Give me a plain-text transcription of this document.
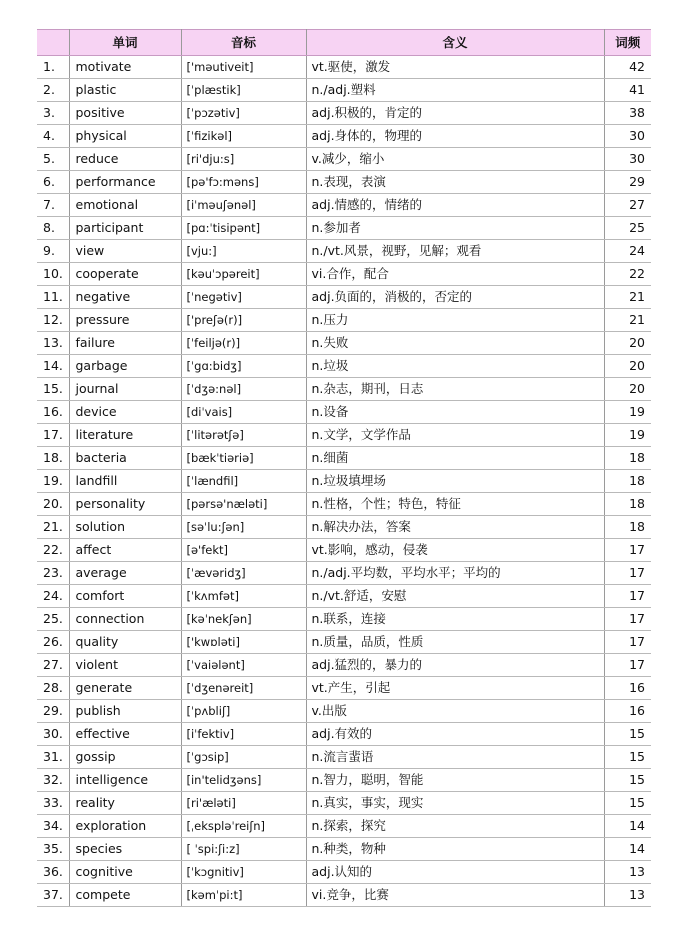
	单词	音标	含义	词频
1.	motivate	['məutiveit]	vt.驱使，激发	42
2.	plastic	[ˈplæstik]	n./adj.塑料	41
3.	positive	[ˈpɔzətiv]	adj.积极的，肯定的	38
4.	physical	[ˈfizikəl]	adj.身体的，物理的	30
5.	reduce	[ri'dju:s]	v.减少，缩小	30
6.	performance	[pə'fɔ:məns]	n.表现，表演	29
7.	emotional	[iˈməuʃənəl]	adj.情感的，情绪的	27
8.	participant	[pɑ:ˈtisipənt]	n.参加者	25
9.	view	[vju:]	n./vt.风景，视野，见解；观看	24
10.	cooperate	[kəuˈɔpəreit]	vi.合作，配合	22
11.	negative	[ˈnegətiv]	adj.负面的，消极的，否定的	21
12.	pressure	['preʃə(r)]	n.压力	21
13.	failure	[ˈfeiljə(r)]	n.失败	20
14.	garbage	[ˈgɑ:bidʒ]	n.垃圾	20
15.	journal	[ˈdʒə:nəl]	n.杂志，期刊，日志	20
16.	device	[diˈvais]	n.设备	19
17.	literature	[ˈlitərətʃə]	n.文学，文学作品	19
18.	bacteria	[bækˈtiəriə]	n.细菌	18
19.	landfill	[ˈlændfil]	n.垃圾填埋场	18
20.	personality	[pərsə'næləti]	n.性格，个性；特色，特征	18
21.	solution	[səˈlu:ʃən]	n.解决办法，答案	18
22.	affect	[ə'fekt]	vt.影响，感动，侵袭	17
23.	average	[ˈævəridʒ]	n./adj.平均数，平均水平；平均的	17
24.	comfort	[ˈkʌmfət]	n./vt.舒适，安慰	17
25.	connection	[kəˈnekʃən]	n.联系，连接	17
26.	quality	['kwɒləti]	n.质量，品质，性质	17
27.	violent	[ˈvaiələnt]	adj.猛烈的，暴力的	17
28.	generate	[ˈdʒenəreit]	vt.产生，引起	16
29.	publish	[ˈpʌbliʃ]	v.出版	16
30.	effective	[iˈfektiv]	adj.有效的	15
31.	gossip	[ˈgɔsip]	n.流言蜚语	15
32.	intelligence	[in'telidʒəns]	n.智力，聪明，智能	15
33.	reality	[ri'æləti]	n.真实，事实，现实	15
34.	exploration	[ˌekspləˈreiʃn]	n.探索，探究	14
35.	species	[ ˈspi:ʃi:z]	n.种类，物种	14
36.	cognitive	[ˈkɔgnitiv]	adj.认知的	13
37.	compete	[kəmˈpi:t]	vi.竞争，比赛	13
